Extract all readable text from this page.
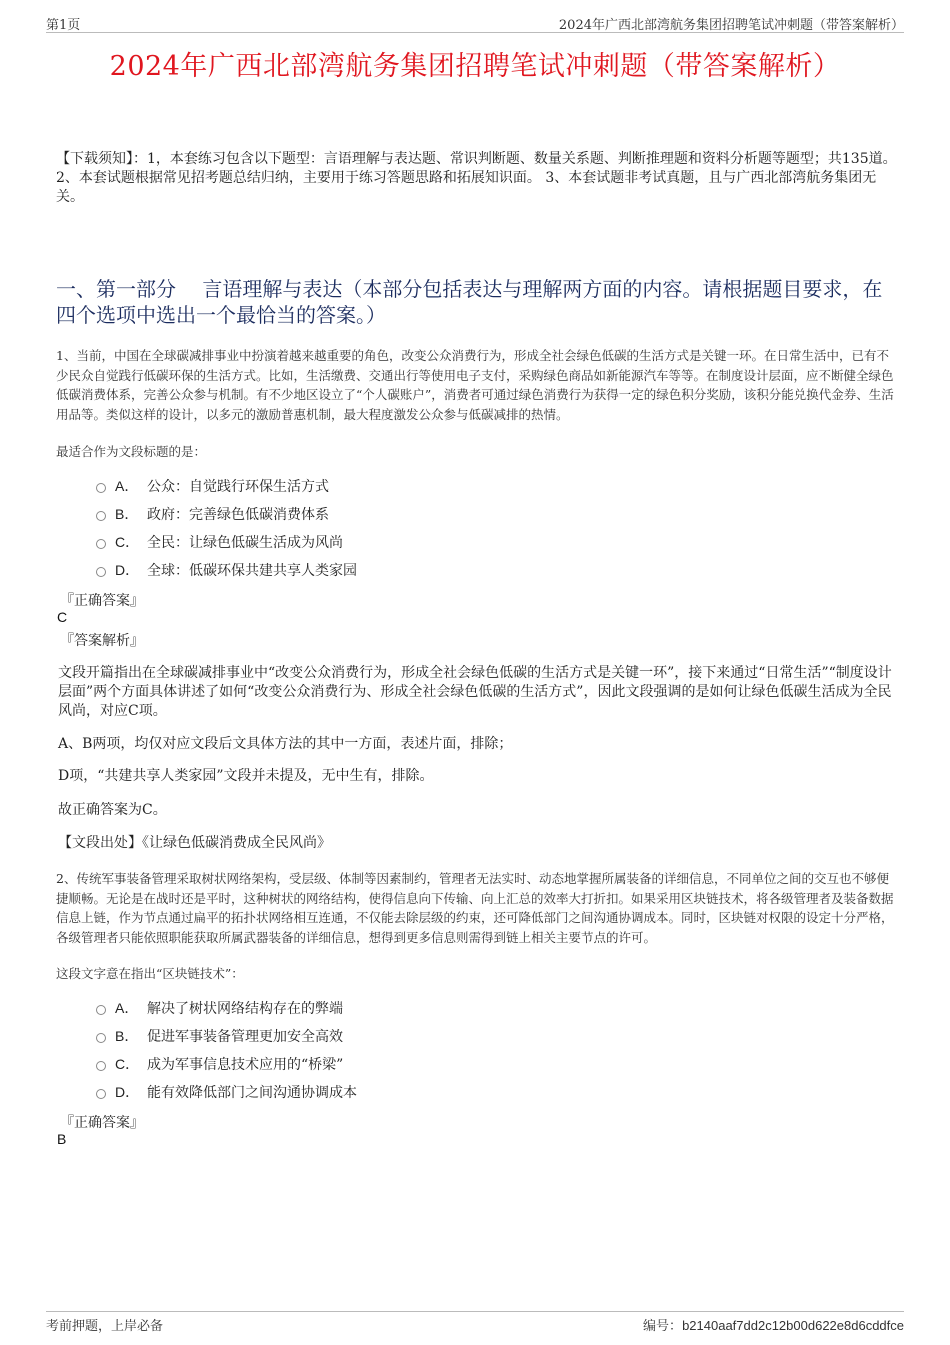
第1页	2024年广西北部湾航务集团招聘笔试冲刺题（带答案解析）
2024年广西北部湾航务集团招聘笔试冲刺题（带答案解析）
【下载须知】：1，本套练习包含以下题型：言语理解与表达题、常识判断题、数量关系题、判断推理题和资料分析题等题型；共135道。 2、本套试题根据常见招考题总结归纳，主要用于练习答题思路和拓展知识面。 3、本套试题非考试真题，且与广西北部湾航务集团无关。
一、第一部分　 言语理解与表达（本部分包括表达与理解两方面的内容。请根据题目要求，在四个选项中选出一个最恰当的答案。）
1、当前，中国在全球碳减排事业中扮演着越来越重要的角色，改变公众消费行为，形成全社会绿色低碳的生活方式是关键一环。在日常生活中，已有不少民众自觉践行低碳环保的生活方式。比如，生活缴费、交通出行等使用电子支付，采购绿色商品如新能源汽车等等。在制度设计层面，应不断健全绿色低碳消费体系，完善公众参与机制。有不少地区设立了“个人碳账户”，消费者可通过绿色消费行为获得一定的绿色积分奖励，该积分能兑换代金券、生活用品等。类似这样的设计，以多元的激励普惠机制，最大程度激发公众参与低碳减排的热情。
最适合作为文段标题的是：
A． 公众：自觉践行环保生活方式
B． 政府：完善绿色低碳消费体系
C． 全民：让绿色低碳生活成为风尚
D． 全球：低碳环保共建共享人类家园
『正确答案』
C
『答案解析』
文段开篇指出在全球碳减排事业中“改变公众消费行为，形成全社会绿色低碳的生活方式是关键一环”，接下来通过“日常生活”“制度设计层面”两个方面具体讲述了如何“改变公众消费行为、形成全社会绿色低碳的生活方式”，因此文段强调的是如何让绿色低碳生活成为全民风尚，对应C项。
A、B两项，均仅对应文段后文具体方法的其中一方面，表述片面，排除；
D项，“共建共享人类家园”文段并未提及，无中生有，排除。
故正确答案为C。
【文段出处】《让绿色低碳消费成全民风尚》
2、传统军事装备管理采取树状网络架构，受层级、体制等因素制约，管理者无法实时、动态地掌握所属装备的详细信息，不同单位之间的交互也不够便捷顺畅。无论是在战时还是平时，这种树状的网络结构，使得信息向下传输、向上汇总的效率大打折扣。如果采用区块链技术，将各级管理者及装备数据信息上链，作为节点通过扁平的拓扑状网络相互连通，不仅能去除层级的约束，还可降低部门之间沟通协调成本。同时，区块链对权限的设定十分严格，各级管理者只能依照职能获取所属武器装备的详细信息，想得到更多信息则需得到链上相关主要节点的许可。
这段文字意在指出“区块链技术”：
A． 解决了树状网络结构存在的弊端
B． 促进军事装备管理更加安全高效
C． 成为军事信息技术应用的“桥梁”
D． 能有效降低部门之间沟通协调成本
『正确答案』
B
考前押题，上岸必备	编号：b2140aaf7dd2c12b00d622e8d6cddfce
